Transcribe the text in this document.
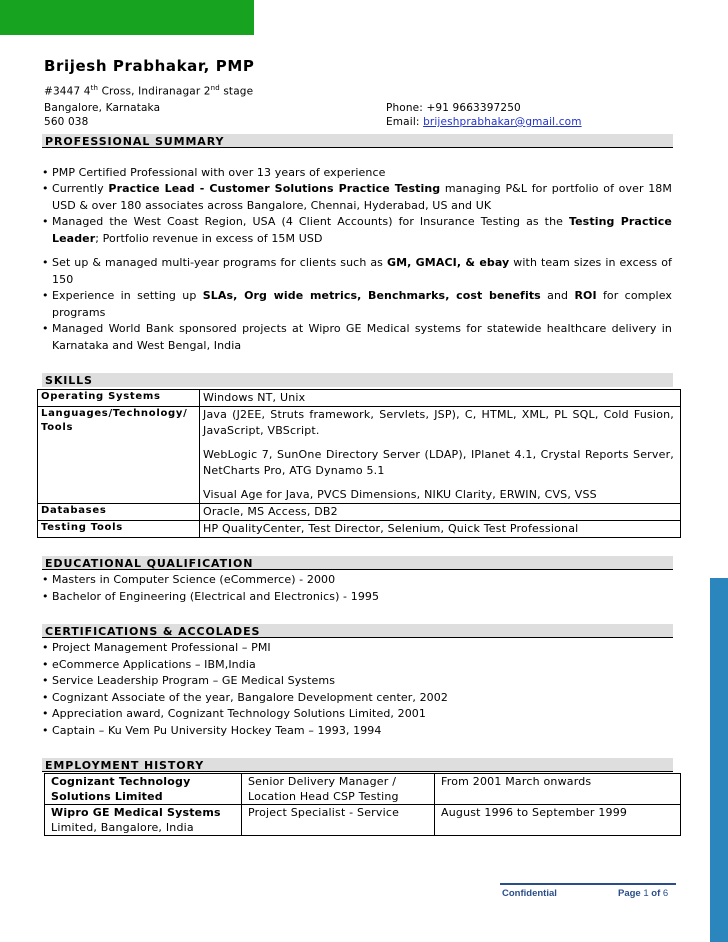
Brijesh Prabhakar, PMP
#3447 4th Cross, Indiranagar 2nd stage
Bangalore, Karnataka
560 038
Phone: +91 9663397250
Email: brijeshprabhakar@gmail.com
PROFESSIONAL SUMMARY
• PMP Certified Professional with over 13 years of experience
• Currently Practice Lead - Customer Solutions Practice Testing managing P&L for portfolio of over 18M USD & over 180 associates across Bangalore, Chennai, Hyderabad, US and UK
• Managed the West Coast Region, USA (4 Client Accounts) for Insurance Testing as the Testing Practice Leader; Portfolio revenue in excess of 15M USD
• Set up & managed multi-year programs for clients such as GM, GMACI, & ebay with team sizes in excess of 150
• Experience in setting up SLAs, Org wide metrics, Benchmarks, cost benefits and ROI for complex programs
• Managed World Bank sponsored projects at Wipro GE Medical systems for statewide healthcare delivery in Karnataka and West Bengal, India
SKILLS
Operating Systems	Windows NT, Unix
Languages/Technology/ Tools	Java (J2EE, Struts framework, Servlets, JSP), C, HTML, XML, PL SQL, Cold Fusion, JavaScript, VBScript.
WebLogic 7, SunOne Directory Server (LDAP), IPlanet 4.1, Crystal Reports Server, NetCharts Pro, ATG Dynamo 5.1
Visual Age for Java, PVCS Dimensions, NIKU Clarity, ERWIN, CVS, VSS

Databases	Oracle, MS Access, DB2
Testing Tools	HP QualityCenter, Test Director, Selenium, Quick Test Professional
EDUCATIONAL QUALIFICATION
• Masters in Computer Science (eCommerce) - 2000
• Bachelor of Engineering (Electrical and Electronics) - 1995
CERTIFICATIONS & ACCOLADES
• Project Management Professional – PMI
• eCommerce Applications – IBM,India
• Service Leadership Program – GE Medical Systems
• Cognizant Associate of the year, Bangalore Development center, 2002
• Appreciation award, Cognizant Technology Solutions Limited, 2001
• Captain – Ku Vem Pu University Hockey Team – 1993, 1994
EMPLOYMENT HISTORY
Cognizant Technology Solutions Limited	Senior Delivery Manager / Location Head CSP Testing	From 2001 March onwards
Wipro GE Medical Systems
Limited, Bangalore, India	Project Specialist - Service	August 1996 to September 1999
Confidential	Page 1 of 6
